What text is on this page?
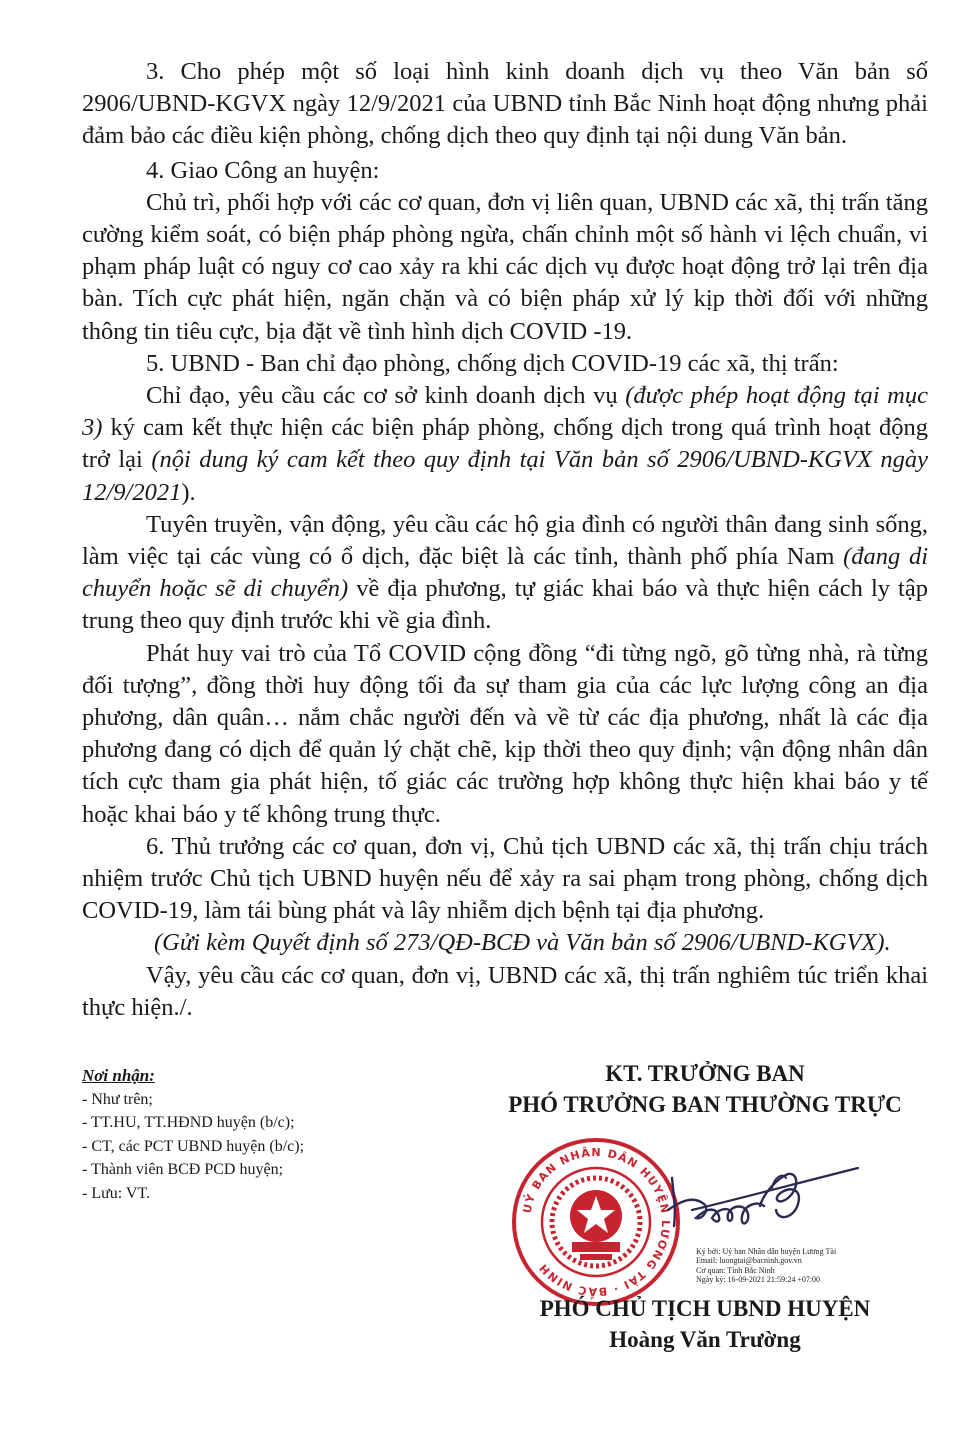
3. Cho phép một số loại hình kinh doanh dịch vụ theo Văn bản số 2906/UBND-KGVX ngày 12/9/2021 của UBND tỉnh Bắc Ninh hoạt động nhưng phải đảm bảo các điều kiện phòng, chống dịch theo quy định tại nội dung Văn bản.

4. Giao Công an huyện:

Chủ trì, phối hợp với các cơ quan, đơn vị liên quan, UBND các xã, thị trấn tăng cường kiểm soát, có biện pháp phòng ngừa, chấn chỉnh một số hành vi lệch chuẩn, vi phạm pháp luật có nguy cơ cao xảy ra khi các dịch vụ được hoạt động trở lại trên địa bàn. Tích cực phát hiện, ngăn chặn và có biện pháp xử lý kịp thời đối với những thông tin tiêu cực, bịa đặt về tình hình dịch COVID -19.

5. UBND - Ban chỉ đạo phòng, chống dịch COVID-19 các xã, thị trấn:

Chỉ đạo, yêu cầu các cơ sở kinh doanh dịch vụ (được phép hoạt động tại mục 3) ký cam kết thực hiện các biện pháp phòng, chống dịch trong quá trình hoạt động trở lại (nội dung ký cam kết theo quy định tại Văn bản số 2906/UBND-KGVX ngày 12/9/2021).

Tuyên truyền, vận động, yêu cầu các hộ gia đình có người thân đang sinh sống, làm việc tại các vùng có ổ dịch, đặc biệt là các tỉnh, thành phố phía Nam (đang di chuyển hoặc sẽ di chuyển) về địa phương, tự giác khai báo và thực hiện cách ly tập trung theo quy định trước khi về gia đình.

Phát huy vai trò của Tổ COVID cộng đồng “đi từng ngõ, gõ từng nhà, rà từng đối tượng”, đồng thời huy động tối đa sự tham gia của các lực lượng công an địa phương, dân quân… nắm chắc người đến và về từ các địa phương, nhất là các địa phương đang có dịch để quản lý chặt chẽ, kịp thời theo quy định; vận động nhân dân tích cực tham gia phát hiện, tố giác các trường hợp không thực hiện khai báo y tế hoặc khai báo y tế không trung thực.

6. Thủ trưởng các cơ quan, đơn vị, Chủ tịch UBND các xã, thị trấn chịu trách nhiệm trước Chủ tịch UBND huyện nếu để xảy ra sai phạm trong phòng, chống dịch COVID-19, làm tái bùng phát và lây nhiễm dịch bệnh tại địa phương.

(Gửi kèm Quyết định số 273/QĐ-BCĐ và Văn bản số 2906/UBND-KGVX).

Vậy, yêu cầu các cơ quan, đơn vị, UBND các xã, thị trấn nghiêm túc triển khai thực hiện./.

Nơi nhận:
- Như trên;
- TT.HU, TT.HĐND huyện (b/c);
- CT, các PCT UBND huyện (b/c);
- Thành viên BCĐ PCD huyện;
- Lưu: VT.
KT. TRƯỞNG BAN
PHÓ TRƯỞNG BAN THƯỜNG TRỰC
UỶ BAN NHÂN DÂN HUYỆN LƯƠNG TÀI · BẮC NINH
Ký bởi: Uỷ ban Nhân dân huyện Lương Tài
Email: luongtai@bacninh.gov.vn
Cơ quan: Tỉnh Bắc Ninh
Ngày ký: 16-09-2021 21:59:24 +07:00
PHÓ CHỦ TỊCH UBND HUYỆN
Hoàng Văn Trường
